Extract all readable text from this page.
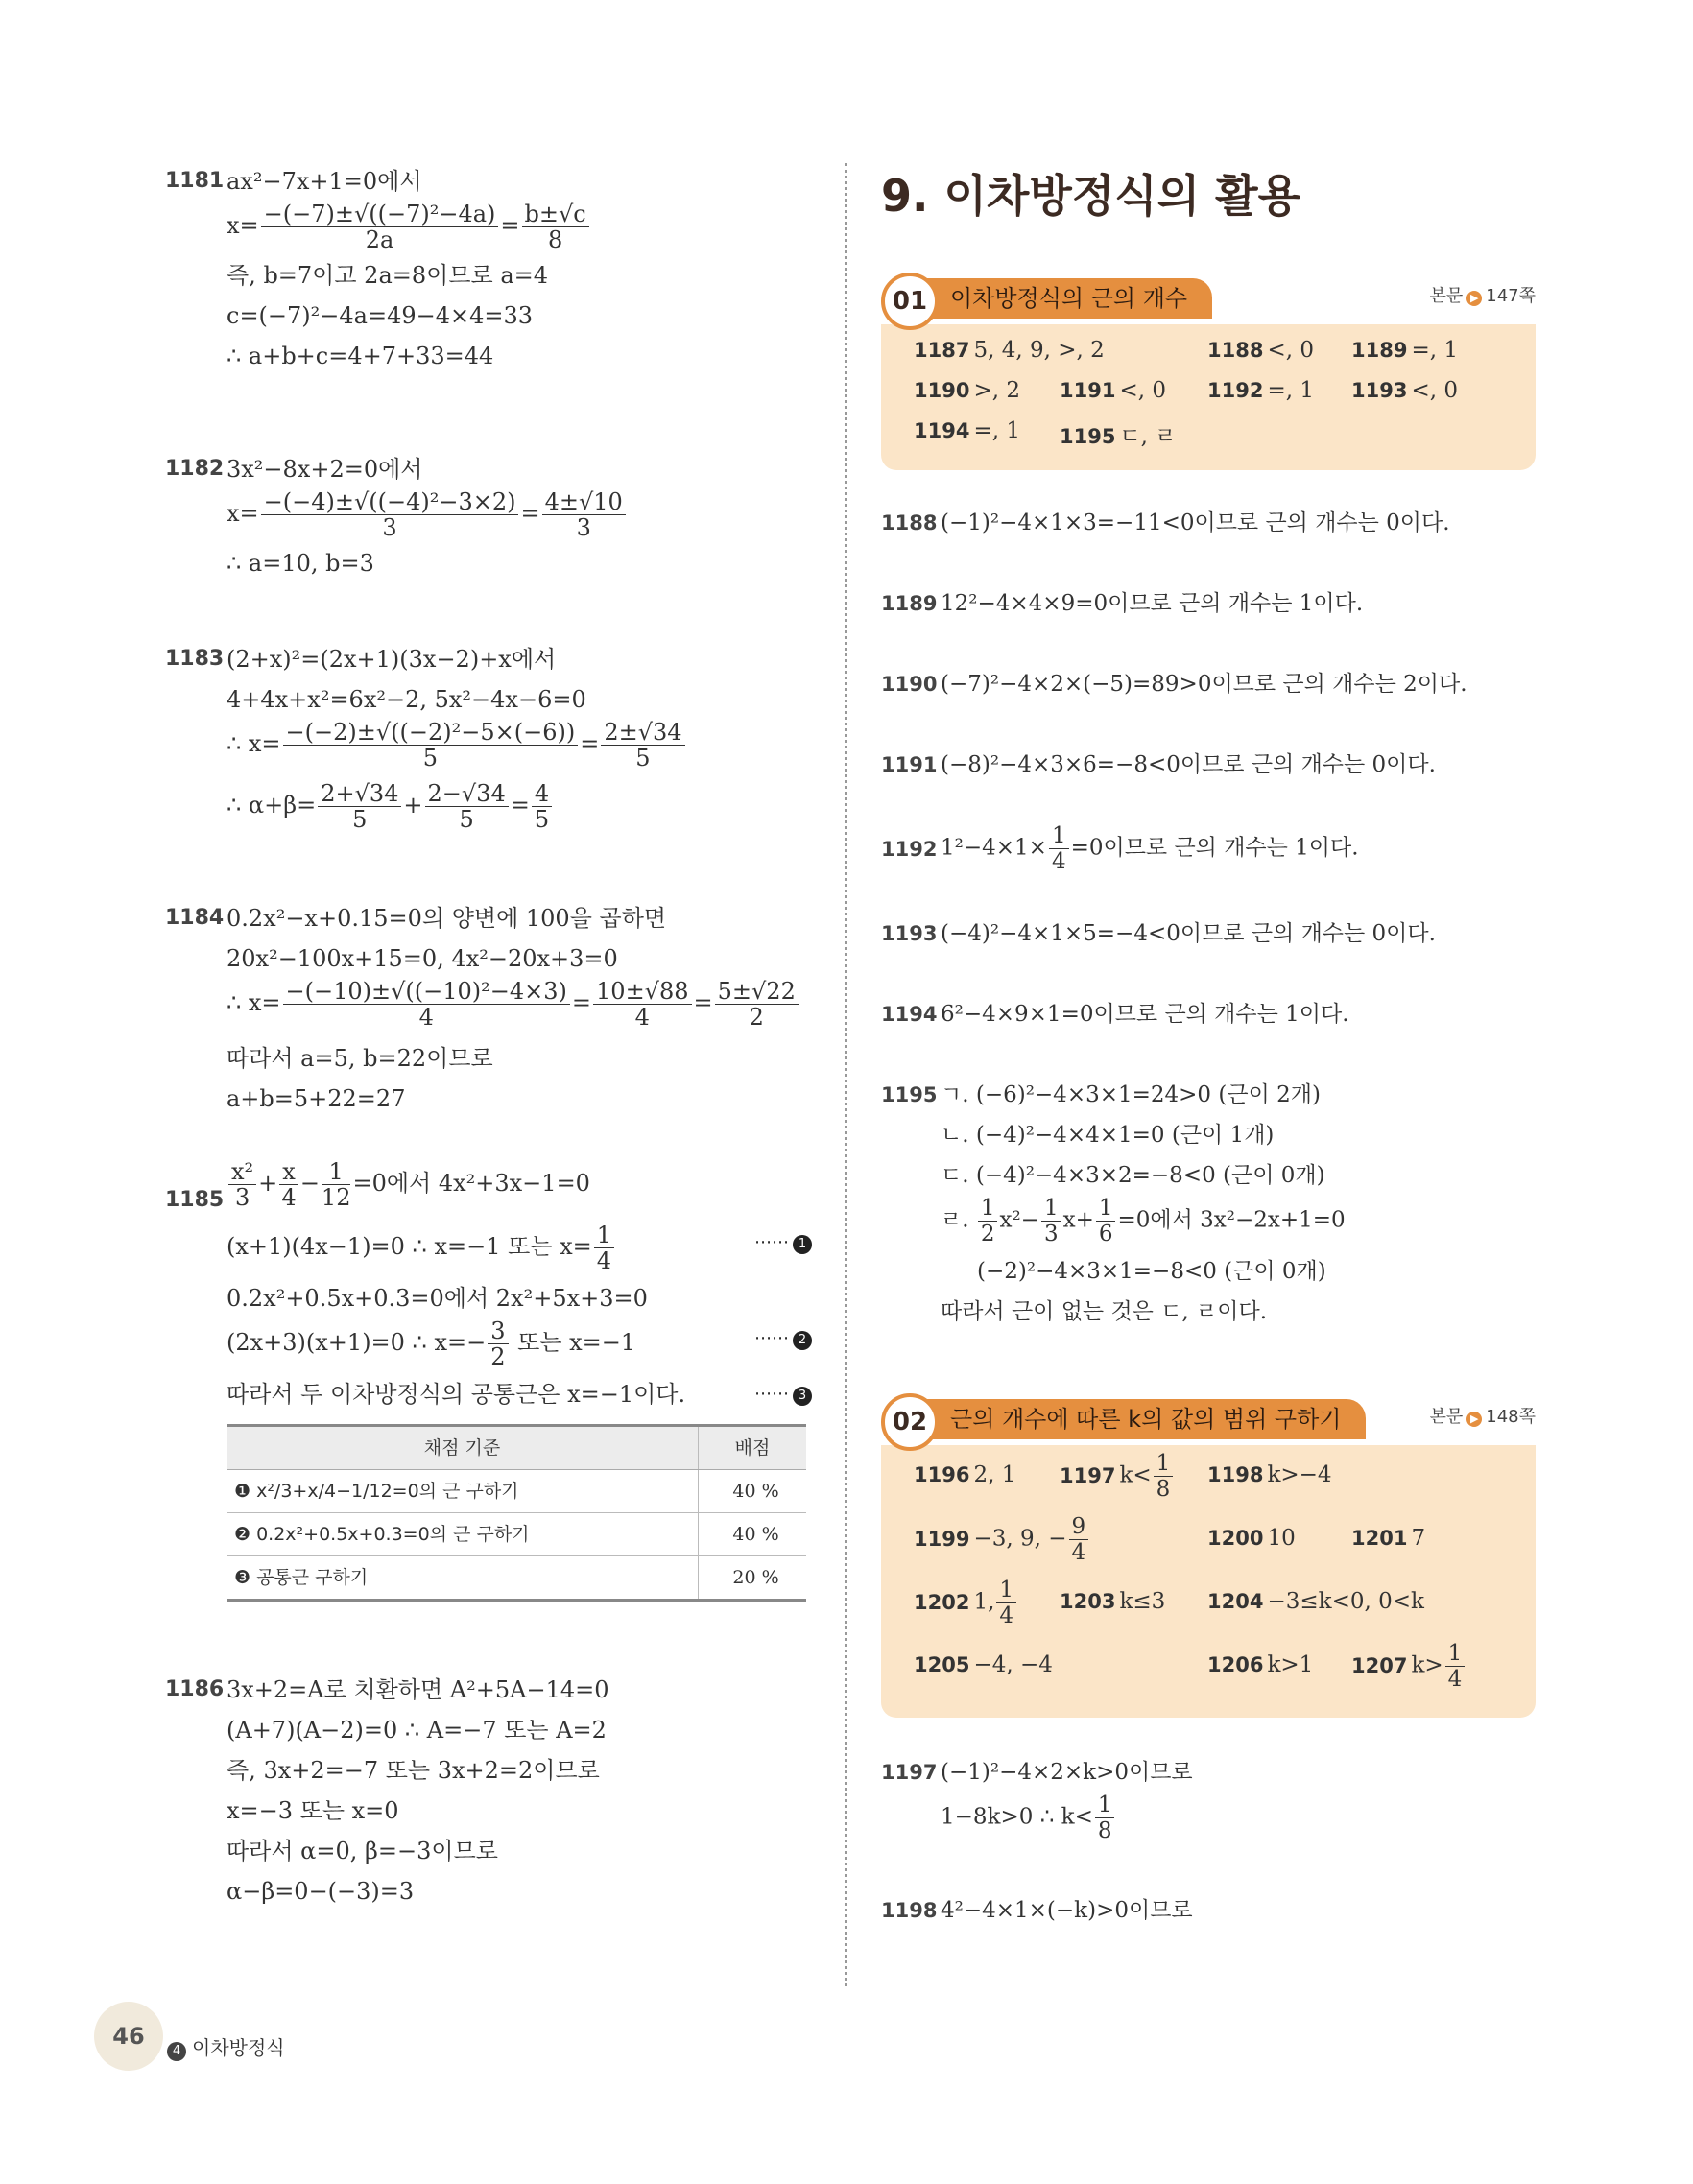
1181 ax²−7x+1=0에서
$x= \frac{\text{−(−7)±√((−7)²−4a)}}{2a} = \frac{b\pm√c}{8}$
즉, b=7이고 2a=8이므로 a=4
c=(−7)²−4a=49−4×4=33
∴ a+b+c=4+7+33=44
1182 3x²−8x+2=0에서
$x= \frac{\text{−(−4)±√((−4)²−3×2)}}{3} = \frac{4\pm√10}{3}$
∴ a=10, b=3
1183 (2+x)²=(2x+1)(3x−2)+x에서
4+4x+x²=6x²−2, 5x²−4x−6=0
∴ $x= \frac{\text{−(−2)±√((−2)²−5×(−6))}}{5} = \frac{2\pm√34}{5}$
∴ $\alpha+\beta= \frac{2+√34}{5} + \frac{2-√34}{5} = \frac{4}{5}$
1184 0.2x²−x+0.15=0의 양변에 100을 곱하면
20x²−100x+15=0, 4x²−20x+3=0
∴ $x= \frac{\text{−(−10)±√((−10)²−4×3)}}{4} = \frac{10\pm√88}{4} = \frac{5\pm√22}{2}$
따라서 a=5, b=22이므로
a+b=5+22=27
$1185 \frac{\text{x²}}{3} + \frac{x}{4} - \frac{1}{12} =0$에서 4x²+3x−1=0
(x+1)(4x−1)=0 ∴ x=−1 또는 $x= \frac{1}{4}$	⋯⋯ 1
0.2x²+0.5x+0.3=0에서 2x²+5x+3=0
(2x+3)(x+1)=0 ∴ $x=- \frac{3}{2}$ 또는 x=−1	⋯⋯ 2
따라서 두 이차방정식의 공통근은 x=−1이다.	⋯⋯ 3
채점 기준	배점
❶ x²/3+x/4−1/12=0의 근 구하기	40 %
❷ 0.2x²+0.5x+0.3=0의 근 구하기	40 %
❸ 공통근 구하기	20 %
1186 3x+2=A로 치환하면 A²+5A−14=0
(A+7)(A−2)=0 ∴ A=−7 또는 A=2
즉, 3x+2=−7 또는 3x+2=2이므로
x=−3 또는 x=0
따라서 α=0, β=−3이므로
α−β=0−(−3)=3
9. 이차방정식의 활용
01 이차방정식의 근의 개수	본문 ▶ 147쪽
1187 5, 4, 9, >, 2	1188 <, 0 1189 =, 1
1190 >, 2 1191 <, 0 1192 =, 1 1193 <, 0
1194 =, 1 1195 ㄷ, ㄹ
1188 (−1)²−4×1×3=−11<0이므로 근의 개수는 0이다.
1189 12²−4×4×9=0이므로 근의 개수는 1이다.
1190 (−7)²−4×2×(−5)=89>0이므로 근의 개수는 2이다.
1191 (−8)²−4×3×6=−8<0이므로 근의 개수는 0이다.
1192 $1^2-4\times 1\times \frac{1}{4} =0$이므로 근의 개수는 1이다.
1193 (−4)²−4×1×5=−4<0이므로 근의 개수는 0이다.
1194 6²−4×9×1=0이므로 근의 개수는 1이다.
1195 ㄱ. (−6)²−4×3×1=24>0 (근이 2개)
ㄴ. (−4)²−4×4×1=0 (근이 1개)
ㄷ. (−4)²−4×3×2=−8<0 (근이 0개)
ㄹ. $\frac{1}{2} x^2- \frac{1}{3} x+ \frac{1}{6} =0$에서 3x²−2x+1=0
(−2)²−4×3×1=−8<0 (근이 0개)
따라서 근이 없는 것은 ㄷ, ㄹ이다.
02 근의 개수에 따른 k의 값의 범위 구하기	본문 ▶ 148쪽
1196 2, 1 1197 $k< \frac{1}{8} 1198$ k>−4
1199 −3, 9, − $\frac{9}{4}$	1200 10	1201 7
1202 1, $\frac{1}{4} 1203$ k≤3 1204 −3≤k<0, 0<k
1205 −4, −4	1206 k>1 1207 $k> \frac{1}{4}$
1197 (−1)²−4×2×k>0이므로
1−8k>0 ∴ $k< \frac{1}{8}$
1198 4²−4×1×(−k)>0이므로
46
4 이차방정식
